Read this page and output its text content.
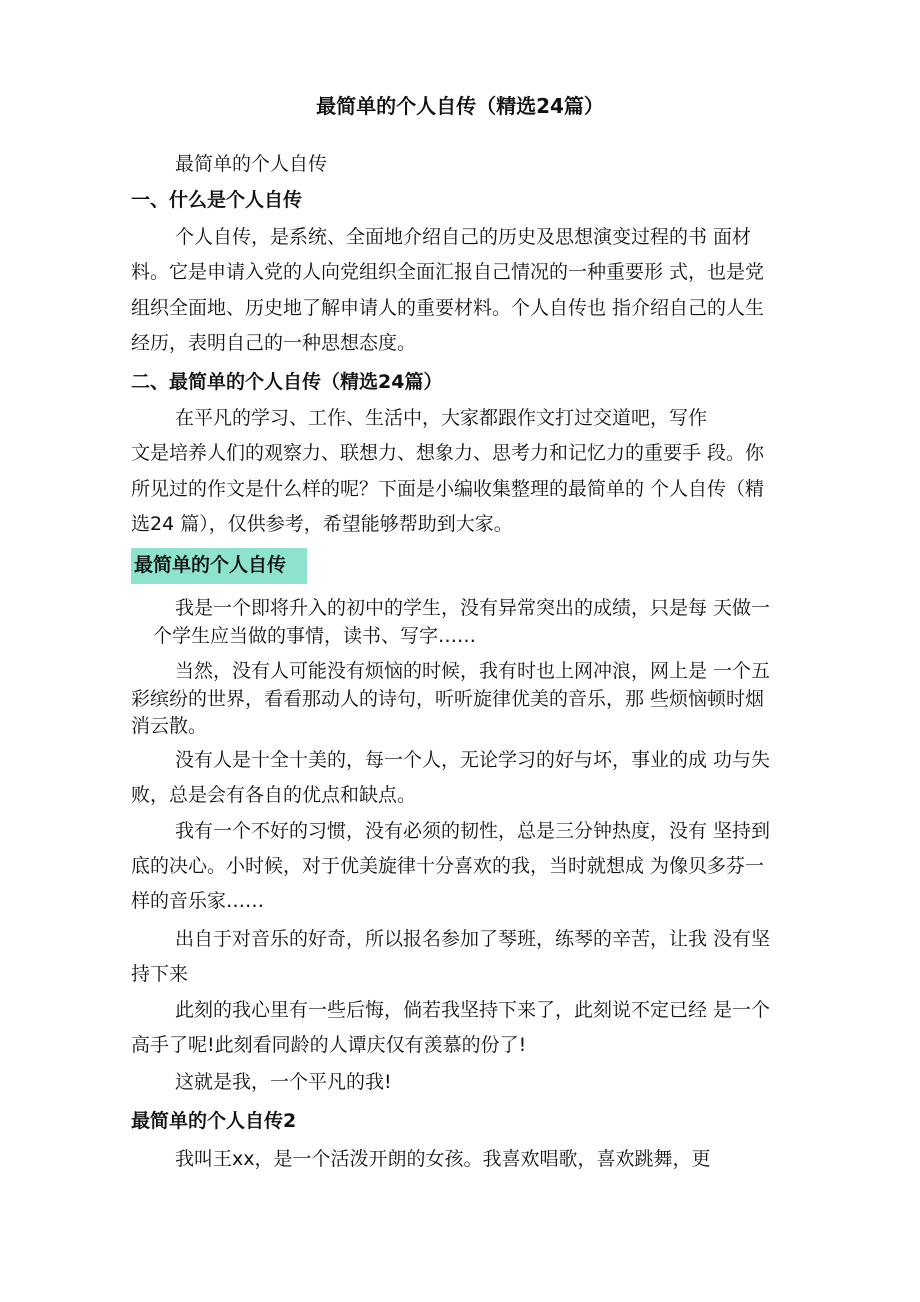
最简单的个人自传（精选24篇）
最简单的个人自传
一、什么是个人自传
个人自传，是系统、全面地介绍自己的历史及思想演变过程的书 面材
料。它是申请入党的人向党组织全面汇报自己情况的一种重要形 式，也是党
组织全面地、历史地了解申请人的重要材料。个人自传也 指介绍自己的人生
经历，表明自己的一种思想态度。
二、最简单的个人自传（精选24篇）
在平凡的学习、工作、生活中，大家都跟作文打过交道吧，写作
文是培养人们的观察力、联想力、想象力、思考力和记忆力的重要手 段。你
所见过的作文是什么样的呢？下面是小编收集整理的最简单的 个人自传（精
选24 篇），仅供参考，希望能够帮助到大家。
最简单的个人自传
我是一个即将升入的初中的学生，没有异常突出的成绩，只是每 天做一
个学生应当做的事情，读书、写字……
当然，没有人可能没有烦恼的时候，我有时也上网冲浪，网上是 一个五
彩缤纷的世界，看看那动人的诗句，听听旋律优美的音乐，那 些烦恼顿时烟
消云散。
没有人是十全十美的，每一个人，无论学习的好与坏，事业的成 功与失
败，总是会有各自的优点和缺点。
我有一个不好的习惯，没有必须的韧性，总是三分钟热度，没有 坚持到
底的决心。小时候，对于优美旋律十分喜欢的我，当时就想成 为像贝多芬一
样的音乐家……
出自于对音乐的好奇，所以报名参加了琴班，练琴的辛苦，让我 没有坚
持下来
此刻的我心里有一些后悔，倘若我坚持下来了，此刻说不定已经 是一个
高手了呢!此刻看同龄的人谭庆仅有羡慕的份了!
这就是我，一个平凡的我!
最简单的个人自传2
我叫王xx，是一个活泼开朗的女孩。我喜欢唱歌，喜欢跳舞，更
